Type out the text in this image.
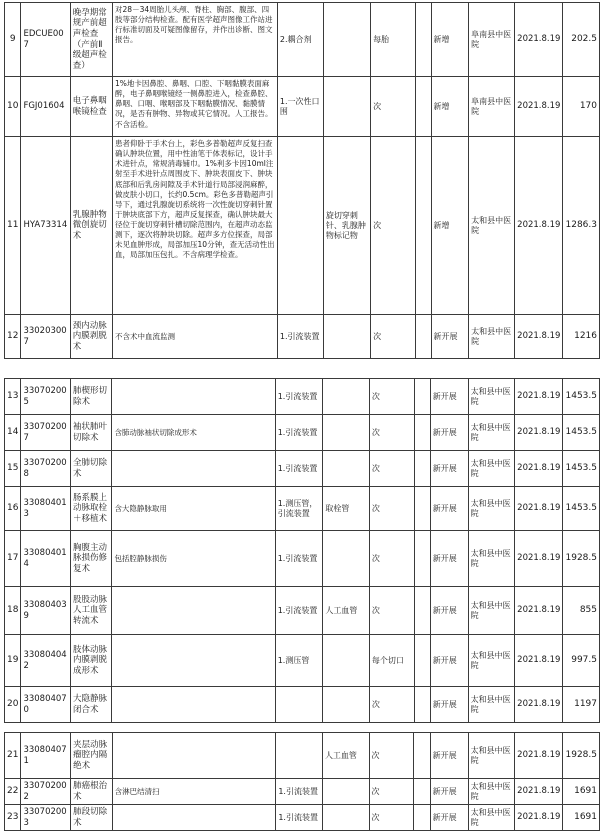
9	EDCUE007	晚孕期常规产前超声检查（产前Ⅱ级超声检查）	对28－34周胎儿头颅、脊柱、胸部、腹部、四肢等部分结构检查。配有医学超声图像工作站进行标准切面及可疑图像留存，并作出诊断、图文报告。	2.耦合剂		每胎		新增	阜南县中医院	2021.8.19	202.5
10	FGJ01604	电子鼻咽喉镜检查	1%地卡因鼻腔、鼻咽、口腔、下咽黏膜表面麻醉，电子鼻咽喉镜经一侧鼻腔进入，检查鼻腔、鼻咽、口咽、喉咽部及下咽黏膜情况、黏膜情况，是否有肿物、异物或其它情况。人工报告。不含活检。	1.一次性口围		次		新增	阜南县中医院	2021.8.19	170
11	HYA73314	乳腺肿物微创旋切术	患者仰卧于手术台上，彩色多普勒超声反复扫查确认肿块位置，用中性油笔于体表标记，设计手术进针点，常规消毒铺巾。1%利多卡因10ml注射至手术进针点周围皮下、肿块表面皮下、肿块底部和后乳房间隙及手术针道行局部浸润麻醉，做皮肤小切口，长约0.5cm。彩色多普勒超声引导下，通过乳腺旋切系统将一次性旋切穿刺针置于肿块底部下方，超声反复探查，确认肿块最大径位于旋切穿刺针槽切除范围内，在超声动态监测下，逐次将肿块切除。超声多方位探查，局部未见血肿形成，局部加压10分钟，查无活动性出血，局部加压包扎。不含病理学检查。		旋切穿刺针、乳腺肿物标记物	次		新增	太和县中医院	2021.8.19	1286.3
12	330203007	颈内动脉内膜剥脱术	不含术中血流监测	1.引流装置		次		新开展	太和县中医院	2021.8.19	1216
13	330702005	肺楔形切除术		1.引流装置		次		新开展	太和县中医院	2021.8.19	1453.5
14	330702007	袖状肺叶切除术	含肺动脉袖状切除成形术	1.引流装置		次		新开展	太和县中医院	2021.8.19	1453.5
15	330702008	全肺切除术		1.引流装置		次		新开展	太和县中医院	2021.8.19	1453.5
16	330804013	肠系膜上动脉取栓＋移植术	含大隐静脉取用	1.测压管，引流装置	取栓管	次		新开展	太和县中医院	2021.8.19	1453.5
17	330804014	胸腹主动脉损伤修复术	包括腔静脉损伤	1.引流装置		次		新开展	太和县中医院	2021.8.19	1928.5
18	330804039	股股动脉人工血管转流术		1.引流装置	人工血管	次		新开展	太和县中医院	2021.8.19	855
19	330804042	肢体动脉内膜剥脱成形术		1.测压管		每个切口		新开展	太和县中医院	2021.8.19	997.5
20	330804070	大隐静脉闭合术				次		新开展	太和县中医院	2021.8.19	1197
21	330804071	夹层动脉瘤腔内隔绝术			人工血管	次		新开展	太和县中医院	2021.8.19	1928.5
22	330702002	肺癌根治术	含淋巴结清扫	1.引流装置		次		新开展	太和县中医院	2021.8.19	1691
23	330702003	肺段切除术		1.引流装置		次		新开展	太和县中医院	2021.8.19	1691
